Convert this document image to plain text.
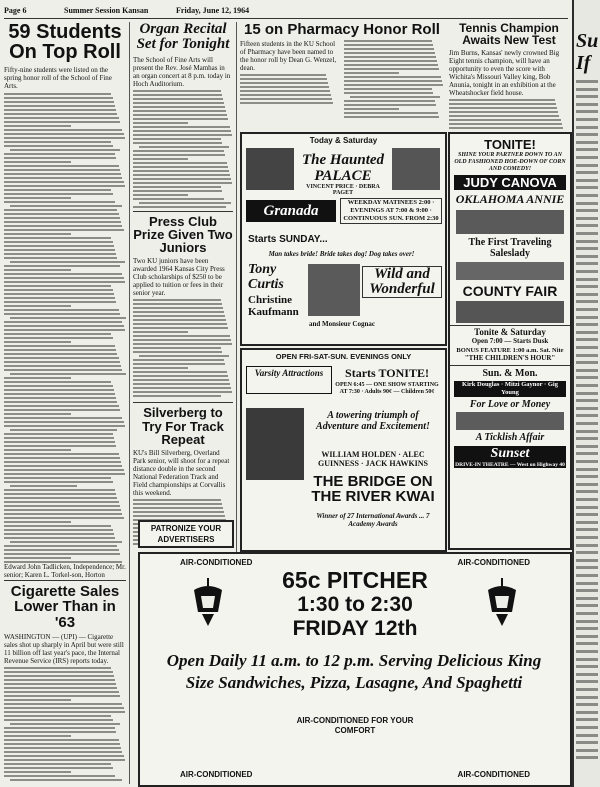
Page 6	Summer Session Kansan	Friday, June 12, 1964
59 Students On Top Roll
Fifty-nine students were listed on the spring honor roll of the School of Fine Arts.
Edward John Tadlicken, Independence; Mr. senior; Karen L. Torkel-son, Horton
Cigarette Sales Lower Than in '63
WASHINGTON — (UPI) — Cigarette sales shot up sharply in April but were still 11 billion off last year's pace, the Internal Revenue Service (IRS) reports today.
Organ Recital Set for Tonight
The School of Fine Arts will present the Rev. José Mamhas in an organ concert at 8 p.m. today in Hoch Auditorium.
Press Club Prize Given Two Juniors
Two KU juniors have been awarded 1964 Kansas City Press Club scholarships of $250 to be applied to tuition or fees in their senior year.
Silverberg to Try For Track Repeat
KU's Bill Silverberg, Overland Park senior, will shoot for a repeat distance double in the second National Federation Track and Field championships at Corvallis this weekend.
PATRONIZE YOUR ADVERTISERS
15 on Pharmacy Honor Roll
Fifteen students in the KU School of Pharmacy have been named to the honor roll by Dean G. Wenzel, dean.
Tennis Champion Awaits New Test
Jim Burns, Kansas' newly crowned Big Eight tennis champion, will have an opportunity to even the score with Wichita's Missouri Valley king, Bob Anunia, tonight in an exhibition at the Wheatshocker field house.
Today & Saturday
The Haunted PALACE
VINCENT PRICE · DEBRA PAGET
Granada
WEEKDAY MATINEES 2:00 · EVENINGS AT 7:00 & 9:00 · CONTINUOUS SUN. FROM 2:30
Starts SUNDAY...
Man takes bride! Bride takes dog! Dog takes over!
Tony Curtis
Christine Kaufmann
Wild and Wonderful
and Monsieur Cognac
OPEN FRI-SAT-SUN. EVENINGS ONLY
Varsity Attractions	Starts TONITE!
OPEN 6:45 — ONE SHOW STARTING AT 7:30 · Adults 90¢ — Children 50¢
A towering triumph of Adventure and Excitement!
WILLIAM HOLDEN · ALEC GUINNESS · JACK HAWKINS
THE BRIDGE ON THE RIVER KWAI
Winner of 27 International Awards ... 7 Academy Awards
TONITE!
SHINE YOUR PARTNER DOWN TO AN OLD FASHIONED HOE-DOWN OF CORN AND COMEDY!
JUDY CANOVA
OKLAHOMA ANNIE
The First Traveling Saleslady
COUNTY FAIR
Tonite & Saturday
Open 7:00 — Starts Dusk
BONUS FEATURE 1:00 a.m. Sat. Nite
"THE CHILDREN'S HOUR"
Sun. & Mon.
Kirk Douglas · Mitzi Gaynor · Gig Young
For Love or Money
A Ticklish Affair
Sunset
DRIVE-IN THEATRE — West on Highway 40
AIR-CONDITIONED	AIR-CONDITIONED
65c PITCHER
1:30 to 2:30
FRIDAY 12th
Open Daily 11 a.m. to 12 p.m. Serving Delicious King Size Sandwiches, Pizza, Lasagne, And Spaghetti
AIR-CONDITIONED FOR YOUR COMFORT
AIR-CONDITIONED	AIR-CONDITIONED
Su
If
